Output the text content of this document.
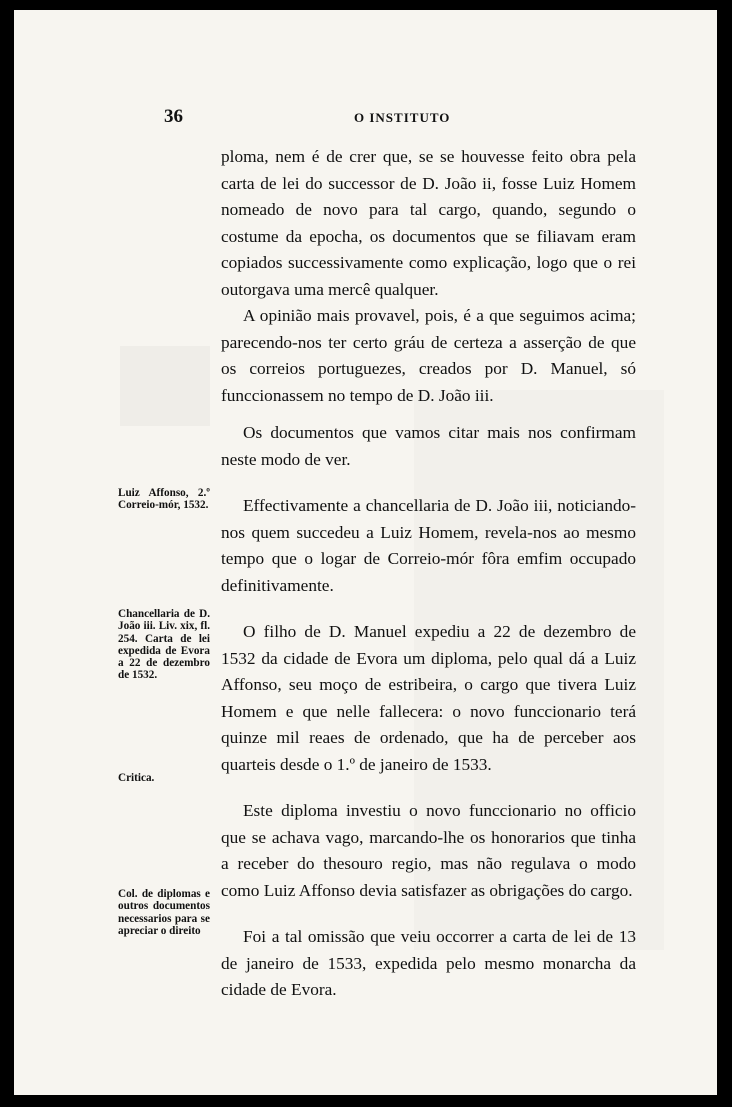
36	O INSTITUTO

ploma, nem é de crer que, se se houvesse feito obra pela carta de lei do successor de D. João ii, fosse Luiz Homem nomeado de novo para tal cargo, quando, segundo o costume da epocha, os documentos que se filiavam eram copiados successivamente como explicação, logo que o rei outorgava uma mercê qualquer.

A opinião mais provavel, pois, é a que seguimos acima; parecendo-nos ter certo gráu de certeza a asserção de que os correios portuguezes, creados por D. Manuel, só funccionassem no tempo de D. João iii.

Os documentos que vamos citar mais nos confirmam neste modo de ver.

Effectivamente a chancellaria de D. João iii, noticiando-nos quem succedeu a Luiz Homem, revela-nos ao mesmo tempo que o logar de Correio-mór fôra emfim occupado definitivamente.

O filho de D. Manuel expediu a 22 de dezembro de 1532 da cidade de Evora um diploma, pelo qual dá a Luiz Affonso, seu moço de estribeira, o cargo que tivera Luiz Homem e que nelle fallecera: o novo funccionario terá quinze mil reaes de ordenado, que ha de perceber aos quarteis desde o 1.º de janeiro de 1533.

Este diploma investiu o novo funccionario no officio que se achava vago, marcando-lhe os honorarios que tinha a receber do thesouro regio, mas não regulava o modo como Luiz Affonso devia satisfazer as obrigações do cargo.

Foi a tal omissão que veiu occorrer a carta de lei de 13 de janeiro de 1533, expedida pelo mesmo monarcha da cidade de Evora.

Luiz Affonso, 2.º Correio-mór, 1532.
Chancellaria de D. João iii. Liv. xix, fl. 254. Carta de lei expedida de Evora a 22 de dezembro de 1532.
Critica.
Col. de diplomas e outros documentos necessarios para se apreciar o direito
